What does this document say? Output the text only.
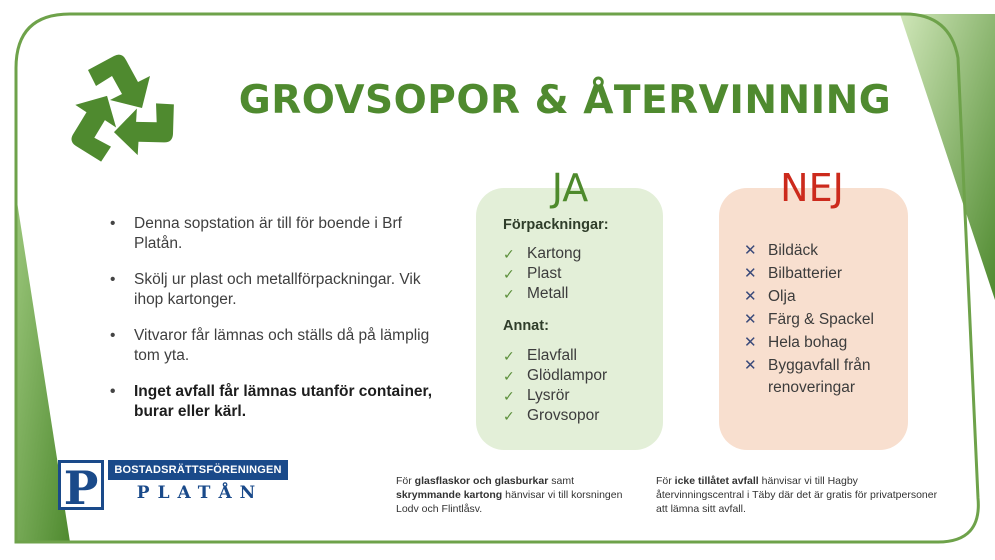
GROVSOPOR & ÅTERVINNING
• Denna sopstation är till för boende i Brf Platån.
• Skölj ur plast och metallförpackningar. Vik ihop kartonger.
• Vitvaror får lämnas och ställs då på lämplig tom yta.
• Inget avfall får lämnas utanför container, burar eller kärl.
JA
Förpackningar:
✓ Kartong
✓ Plast
✓ Metall
Annat:
✓ Elavfall
✓ Glödlampor
✓ Lysrör
✓ Grovsopor
NEJ
✕ Bildäck
✕ Bilbatterier
✕ Olja
✕ Färg & Spackel
✕ Hela bohag
✕ Byggavfall från renoveringar
För glasflaskor och glasburkar samt skrymmande kartong hänvisar vi till korsningen Lodv och Flintlåsv.
För icke tillåtet avfall hänvisar vi till Hagby återvinningscentral i Täby där det är gratis för privatpersoner att lämna sitt avfall.
P	BOSTADSRÄTTSFÖRENINGEN
PLATÅN
